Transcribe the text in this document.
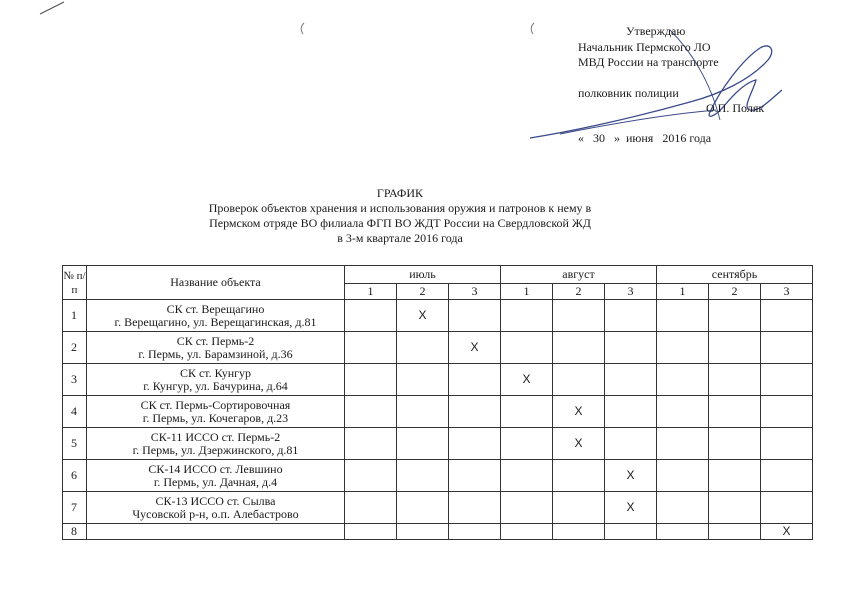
Утверждаю
Начальник Пермского ЛО
МВД России на транспорте
полковник полиции
О.П. Поляк
«   30   »  июня   2016 года
ГРАФИК
Проверок объектов хранения и использования оружия и патронов к нему в
Пермском отряде ВО филиала ФГП ВО ЖДТ России на Свердловской ЖД
в 3-м квартале 2016 года
№ п/п	Название объекта	июль			август			сентябрь		
		1	2	3	1	2	3	1	2	3
1	СК ст. Верещагино
г. Верещагино, ул. Верещагинская, д.81		Х							
2	СК ст. Пермь-2
г. Пермь, ул. Барамзиной, д.36			Х						
3	СК ст. Кунгур
г. Кунгур, ул. Бачурина, д.64				Х					
4	СК ст. Пермь-Сортировочная
г. Пермь, ул. Кочегаров, д.23					Х				
5	СК-11 ИССО ст. Пермь-2
г. Пермь, ул. Дзержинского, д.81					Х				
6	СК-14 ИССО ст. Левшино
г. Пермь, ул. Дачная, д.4						Х			
7	СК-13 ИССО ст. Сылва
Чусовской р-н, о.п. Алебастрово						Х			
8										Х
